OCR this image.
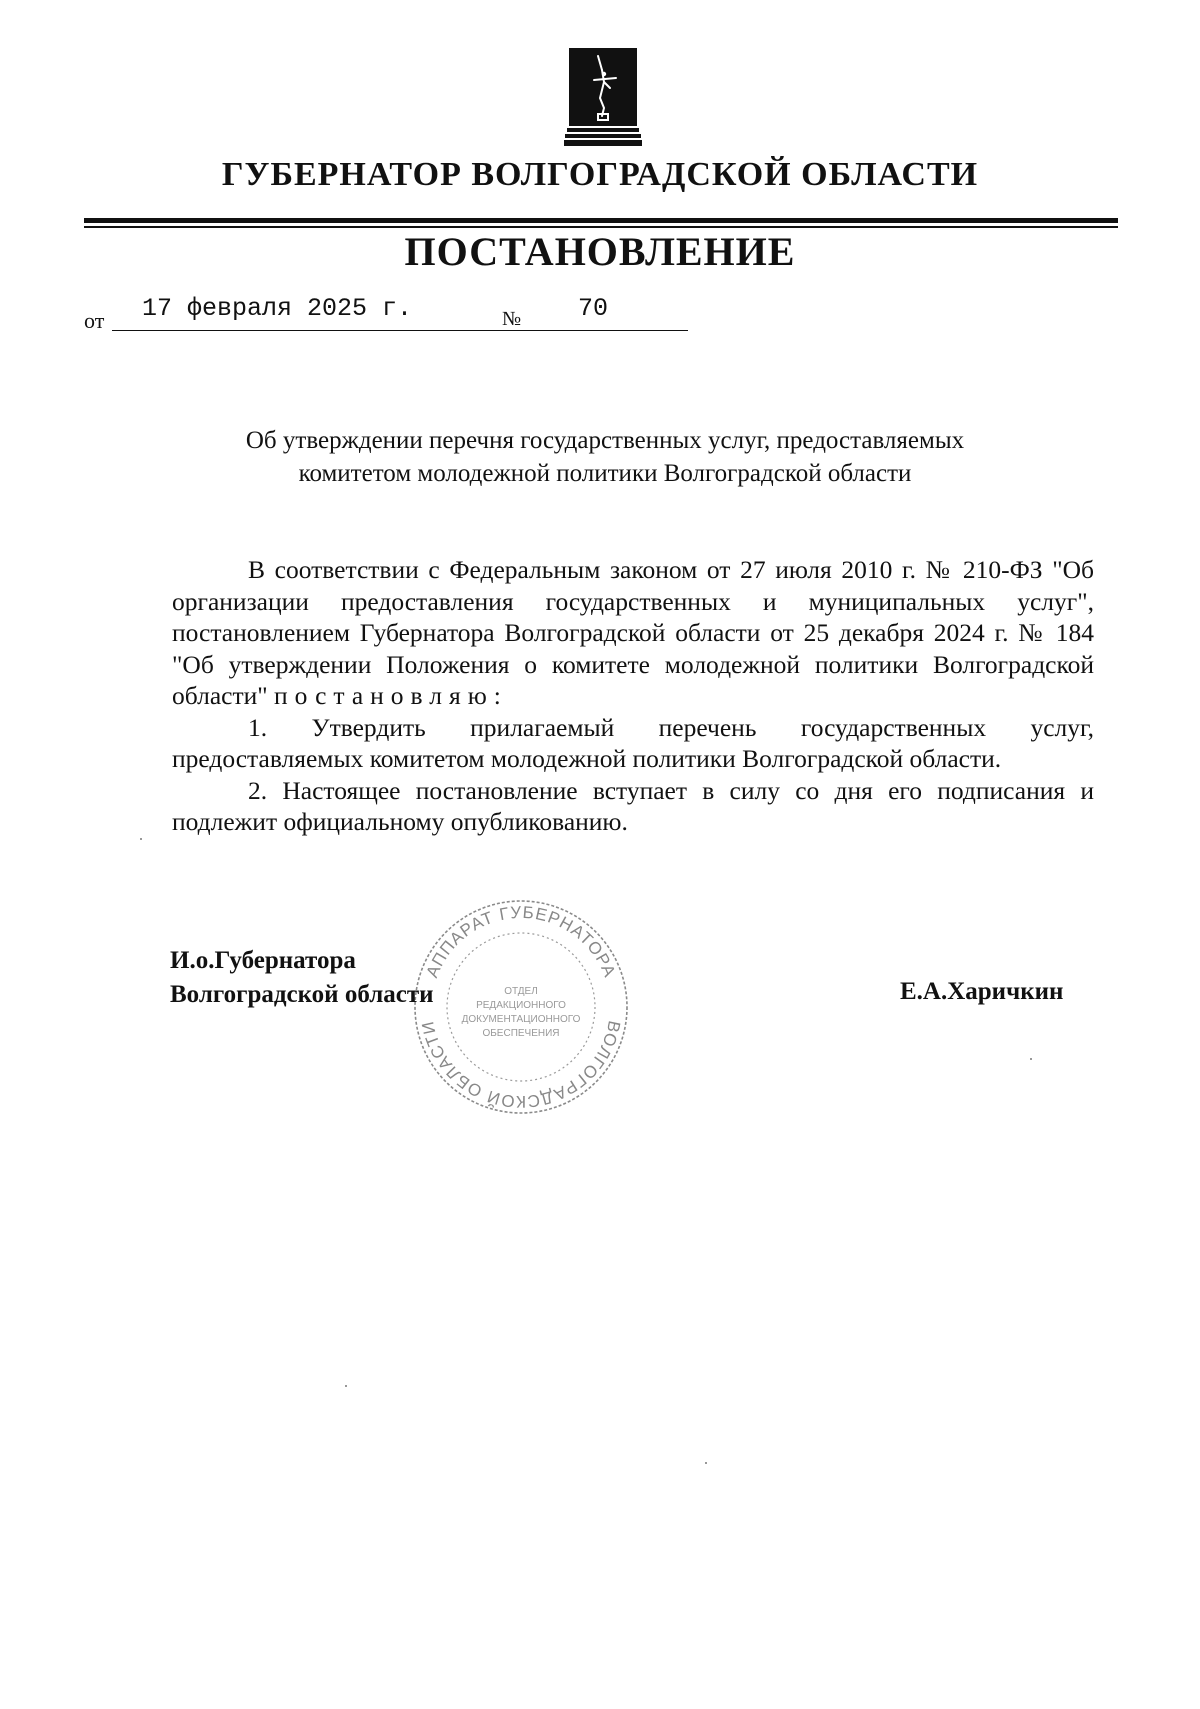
ГУБЕРНАТОР ВОЛГОГРАДСКОЙ ОБЛАСТИ
ПОСТАНОВЛЕНИЕ
от 17 февраля 2025 г.	№ 70
Об утверждении перечня государственных услуг, предоставляемых
комитетом молодежной политики Волгоградской области

В соответствии с Федеральным законом от 27 июля 2010 г. № 210-ФЗ "Об организации предоставления государственных и муниципальных услуг", постановлением Губернатора Волгоградской области от 25 декабря 2024 г. № 184 "Об утверждении Положения о комитете молодежной политики Волгоградской области" постановляю:

1. Утвердить прилагаемый перечень государственных услуг, предоставляемых комитетом молодежной политики Волгоградской области.

2. Настоящее постановление вступает в силу со дня его подписания и подлежит официальному опубликованию.

АППАРАТ ГУБЕРНАТОРА
ВОЛГОГРАДСКОЙ ОБЛАСТИ
ОТДЕЛ
РЕДАКЦИОННОГО
ДОКУМЕНТАЦИОННОГО
ОБЕСПЕЧЕНИЯ
И.о.Губернатора
Волгоградской области	Е.А.Харичкин
